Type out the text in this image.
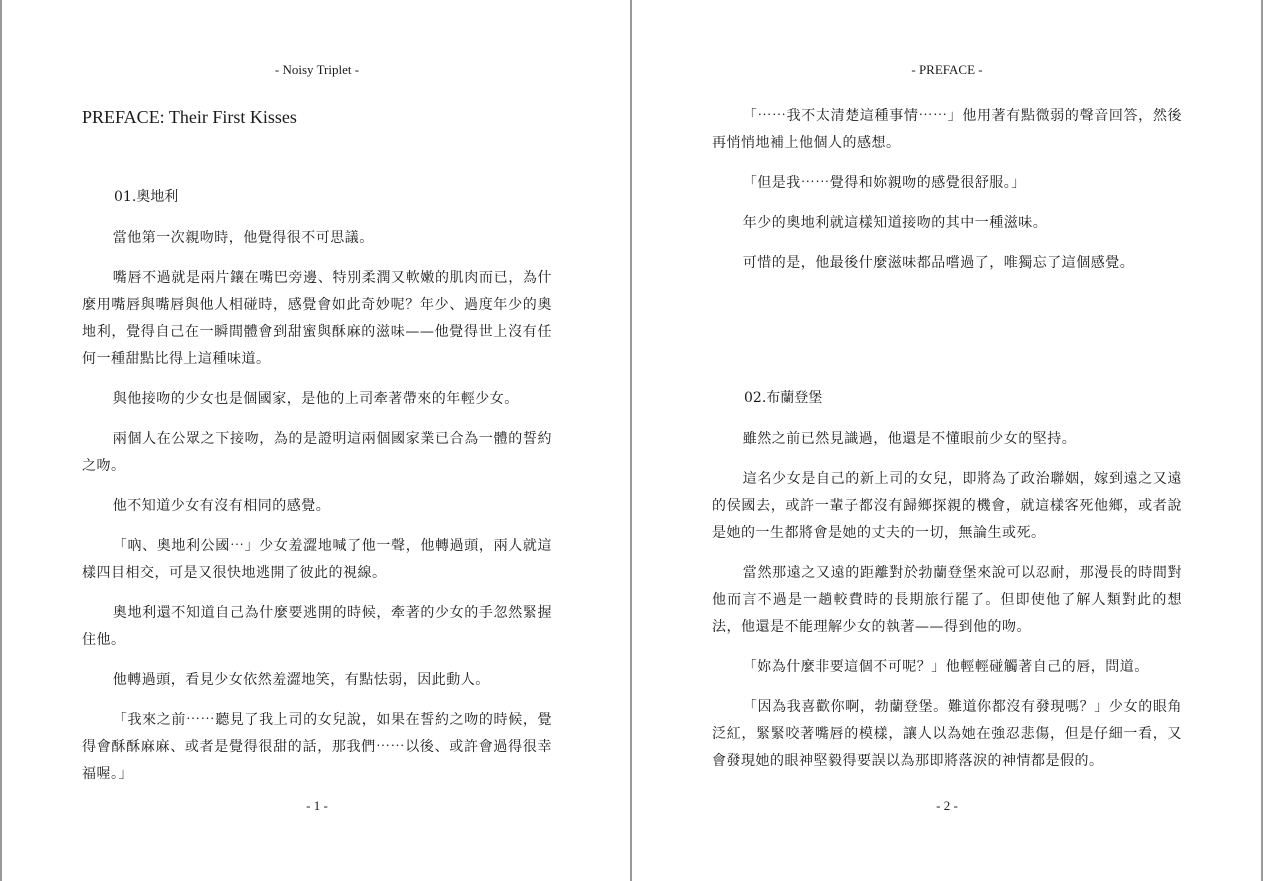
- Noisy Triplet -
PREFACE: Their First Kisses

01.奧地利

當他第一次親吻時，他覺得很不可思議。

嘴唇不過就是兩片鑲在嘴巴旁邊、特別柔潤又軟嫩的肌肉而已，為什麼用嘴唇與嘴唇與他人相碰時，感覺會如此奇妙呢？年少、過度年少的奧地利，覺得自己在一瞬間體會到甜蜜與酥麻的滋味——他覺得世上沒有任何一種甜點比得上這種味道。

與他接吻的少女也是個國家，是他的上司牽著帶來的年輕少女。

兩個人在公眾之下接吻，為的是證明這兩個國家業已合為一體的誓約之吻。

他不知道少女有沒有相同的感覺。

「吶、奧地利公國⋯」少女羞澀地喊了他一聲，他轉過頭，兩人就這樣四目相交，可是又很快地逃開了彼此的視線。

奧地利還不知道自己為什麼要逃開的時候，牽著的少女的手忽然緊握住他。

他轉過頭，看見少女依然羞澀地笑，有點怯弱，因此動人。

「我來之前⋯⋯聽見了我上司的女兒說，如果在誓約之吻的時候，覺得會酥酥麻麻、或者是覺得很甜的話，那我們⋯⋯以後、或許會過得很幸福喔。」

- 1 -
- PREFACE -

「⋯⋯我不太清楚這種事情⋯⋯」他用著有點微弱的聲音回答，然後再悄悄地補上他個人的感想。

「但是我⋯⋯覺得和妳親吻的感覺很舒服。」

年少的奧地利就這樣知道接吻的其中一種滋味。

可惜的是，他最後什麼滋味都品嚐過了，唯獨忘了這個感覺。

02.布蘭登堡

雖然之前已然見識過，他還是不懂眼前少女的堅持。

這名少女是自己的新上司的女兒，即將為了政治聯姻，嫁到遠之又遠的侯國去，或許一輩子都沒有歸鄉探親的機會，就這樣客死他鄉，或者說是她的一生都將會是她的丈夫的一切，無論生或死。

當然那遠之又遠的距離對於勃蘭登堡來說可以忍耐，那漫長的時間對他而言不過是一趟較費時的長期旅行罷了。但即使他了解人類對此的想法，他還是不能理解少女的執著——得到他的吻。

「妳為什麼非要這個不可呢？」他輕輕碰觸著自己的唇，問道。

「因為我喜歡你啊，勃蘭登堡。難道你都沒有發現嗎？」少女的眼角泛紅，緊緊咬著嘴唇的模樣，讓人以為她在強忍悲傷，但是仔細一看，又會發現她的眼神堅毅得要誤以為那即將落淚的神情都是假的。

- 2 -
